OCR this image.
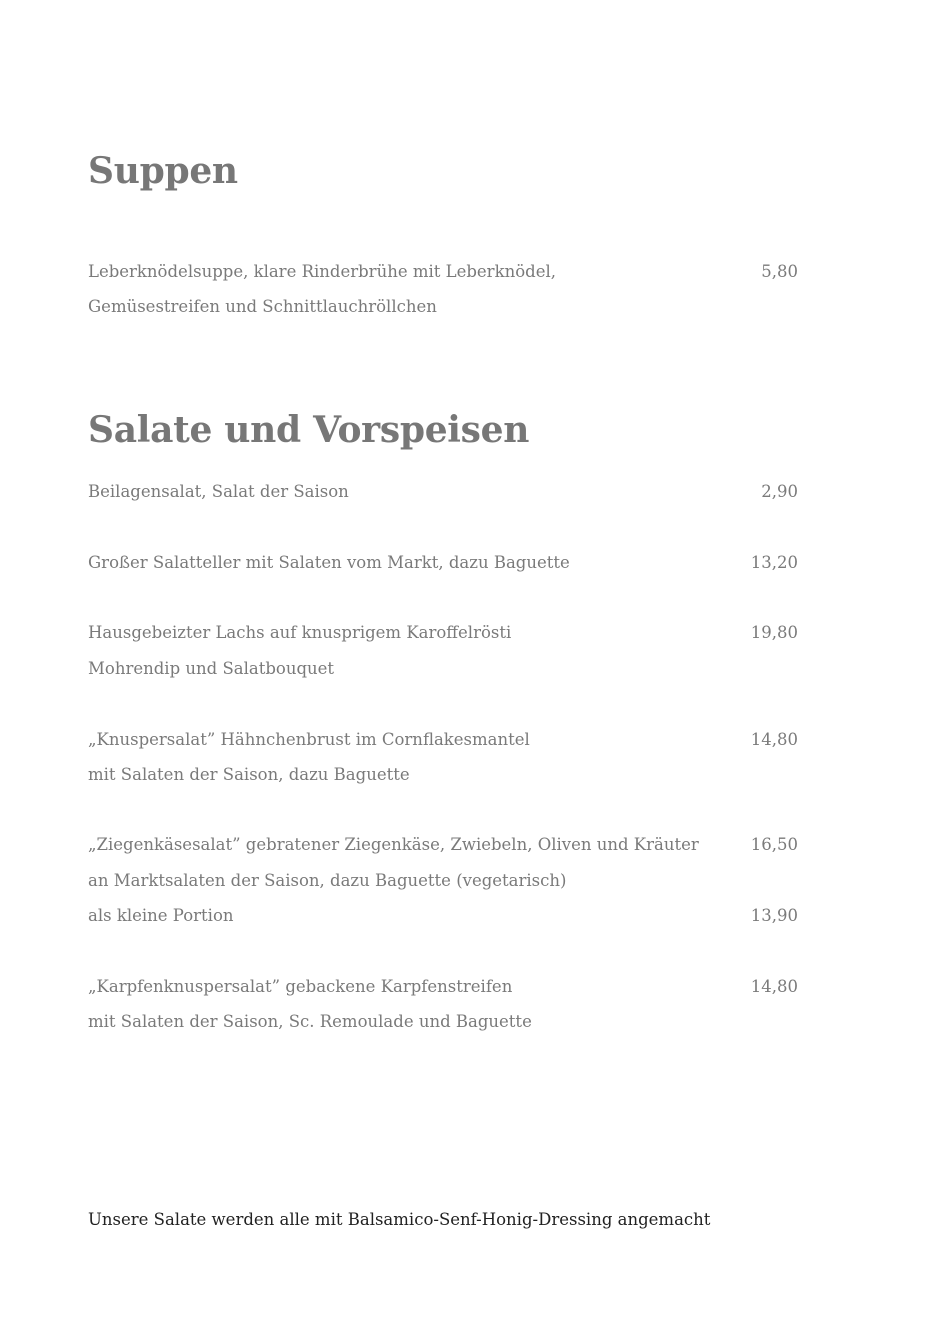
Suppen
Leberknödelsuppe, klare Rinderbrühe mit Leberknödel,	5,80
Gemüsestreifen und Schnittlauchröllchen
Salate und Vorspeisen
Beilagensalat, Salat der Saison	2,90
Großer Salatteller mit Salaten vom Markt, dazu Baguette	13,20
Hausgebeizter Lachs auf knusprigem Karoffelrösti	19,80
Mohrendip und Salatbouquet
„Knuspersalat” Hähnchenbrust im Cornflakesmantel	14,80
mit Salaten der Saison, dazu Baguette
„Ziegenkäsesalat” gebratener Ziegenkäse, Zwiebeln, Oliven und Kräuter	16,50
an Marktsalaten der Saison, dazu Baguette (vegetarisch)
als kleine Portion	13,90
„Karpfenknuspersalat” gebackene Karpfenstreifen	14,80
mit Salaten der Saison, Sc. Remoulade und Baguette
Unsere Salate werden alle mit Balsamico-Senf-Honig-Dressing angemacht
